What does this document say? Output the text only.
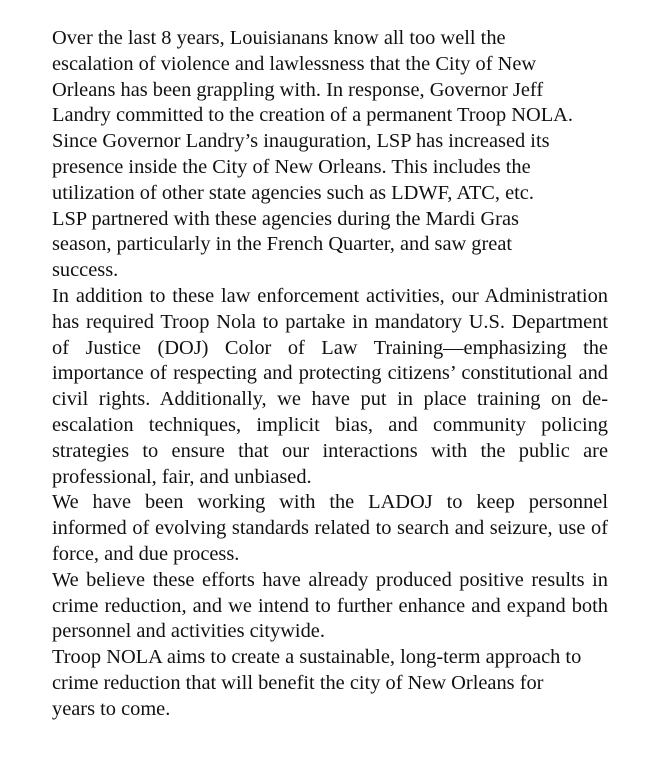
Over the last 8 years, Louisianans know all too well the
escalation of violence and lawlessness that the City of New
Orleans has been grappling with. In response, Governor Jeff
Landry committed to the creation of a permanent Troop NOLA.

Since Governor Landry’s inauguration, LSP has increased its
presence inside the City of New Orleans. This includes the
utilization of other state agencies such as LDWF, ATC, etc.

LSP partnered with these agencies during the Mardi Gras
season, particularly in the French Quarter, and saw great
success.

In addition to these law enforcement activities, our Administration has required Troop Nola to partake in mandatory U.S. Department of Justice (DOJ) Color of Law Training—emphasizing the importance of respecting and protecting citizens’ constitutional and civil rights. Additionally, we have put in place training on de-escalation techniques, implicit bias, and community policing strategies to ensure that our interactions with the public are professional, fair, and unbiased.

We have been working with the LADOJ to keep personnel informed of evolving standards related to search and seizure, use of force, and due process.

We believe these efforts have already produced positive results in crime reduction, and we intend to further enhance and expand both personnel and activities citywide.

Troop NOLA aims to create a sustainable, long-term approach to
crime reduction that will benefit the city of New Orleans for
years to come.
